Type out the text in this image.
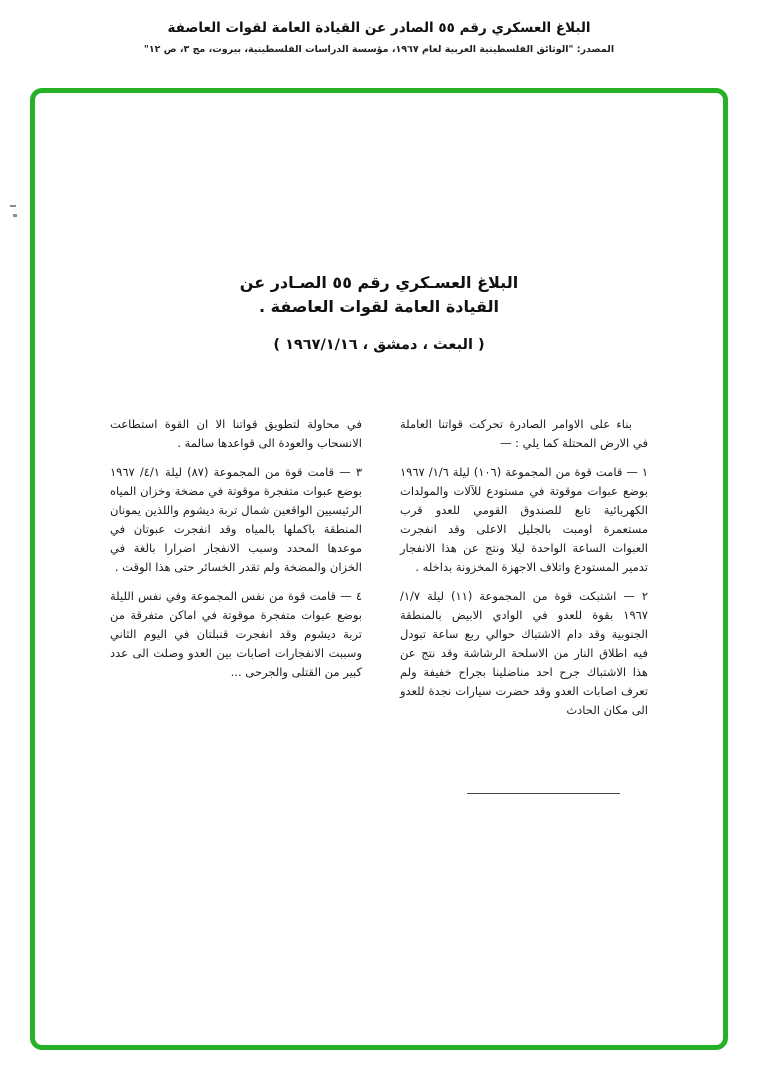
البلاغ العسكري رقم ٥٥ الصادر عن القيادة العامة لقوات العاصفة
المصدر: "الوثائق الفلسطينية العربية لعام ١٩٦٧، مؤسسة الدراسات الفلسطينية، بيروت، مج ٣، ص ١٢"
البلاغ العسـكري رقم ٥٥ الصـادر عن
القيادة العامة لقوات العاصفة .
( البعث ، دمشق ، ١٩٦٧/١/١٦ )

بناء على الاوامر الصادرة تحركت قواتنا العاملة في الارض المحتلة كما يلي : —

١ — قامت قوة من المجموعة (١٠٦) ليلة ١/٦/ ١٩٦٧ بوضع عبوات موقوتة في مستودع للآلات والمولدات الكهربائية تابع للصندوق القومي للعدو قرب مستعمرة اومبت بالجليل الاعلى وقد انفجرت العبوات الساعة الواحدة ليلا ونتج عن هذا الانفجار تدمير المستودع واتلاف الاجهزة المخزونة بداخله .

٢ — اشتبكت قوة من المجموعة (١١) ليلة ١/٧/ ١٩٦٧ بقوة للعدو في الوادي الابيض بالمنطقة الجنوبية وقد دام الاشتباك حوالي ربع ساعة تبودل فيه اطلاق النار من الاسلحة الرشاشة وقد نتج عن هذا الاشتباك جرح احد مناضلينا بجراح خفيفة ولم تعرف اصابات العدو وقد حضرت سيارات نجدة للعدو الى مكان الحادث

في محاولة لتطويق قواتنا الا ان القوة استطاعت الانسحاب والعودة الى قواعدها سالمة .

٣ — قامت قوة من المجموعة (٨٧) ليلة ٤/١/ ١٩٦٧ بوضع عبوات متفجرة موقوتة في مضخة وخزان المياه الرئيسيين الواقعين شمال تربة ديشوم واللذين يمونان المنطقة باكملها بالمياه وقد انفجرت عبوتان في موعدها المحدد وسبب الانفجار اضرارا بالغة في الخزان والمضخة ولم تقدر الخسائر حتى هذا الوقت .

٤ — قامت قوة من نفس المجموعة وفي نفس الليلة بوضع عبوات متفجرة موقوتة في اماكن متفرقة من تربة ديشوم وقد انفجرت قنبلتان في اليوم الثاني وسببت الانفجارات اصابات بين العدو وصلت الى عدد كبير من القتلى والجرحى ...
